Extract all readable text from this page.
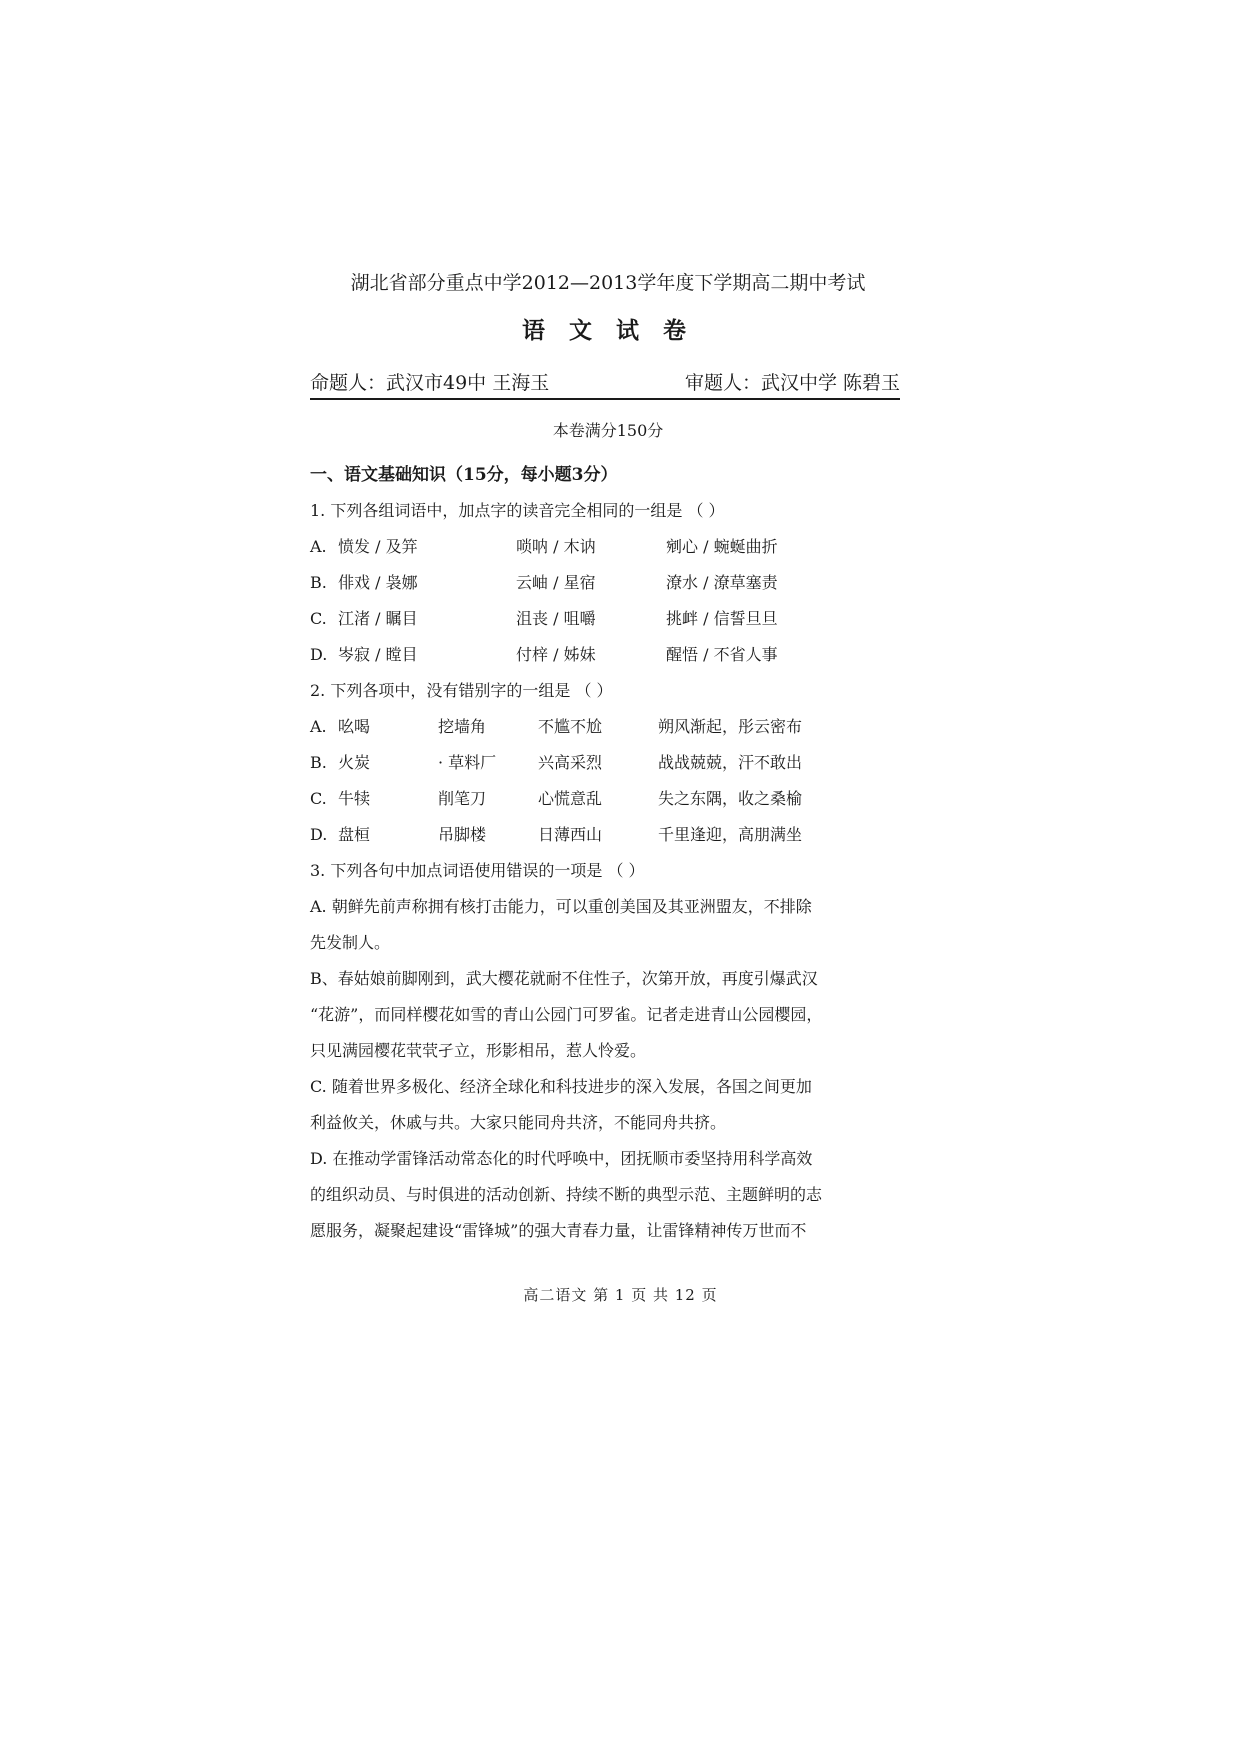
湖北省部分重点中学2012—2013学年度下学期高二期中考试
语 文 试 卷
命题人：武汉市49中 王海玉	审题人：武汉中学 陈碧玉
本卷满分150分
一、语文基础知识（15分，每小题3分）
1. 下列各组词语中，加点字的读音完全相同的一组是 （ ）
A. 愤发 / 及笄	唢呐 / 木讷	剜心 / 蜿蜒曲折
B. 俳戏 / 袅娜	云岫 / 星宿	潦水 / 潦草塞责
C. 江渚 / 瞩目	沮丧 / 咀嚼	挑衅 / 信誓旦旦
D. 岑寂 / 瞠目	付梓 / 姊妹	醒悟 / 不省人事
2. 下列各项中，没有错别字的一组是 （ ）
A. 吆喝	挖墙角	不尴不尬	朔风渐起，彤云密布
B. 火炭	· 草料厂	兴高采烈	战战兢兢，汗不敢出
C. 牛犊	削笔刀	心慌意乱	失之东隅，收之桑榆
D. 盘桓	吊脚楼	日薄西山	千里逢迎，高朋满坐
3. 下列各句中加点词语使用错误的一项是 （ ）
A. 朝鲜先前声称拥有核打击能力，可以重创美国及其亚洲盟友，不排除
先发制人。
B、春姑娘前脚刚到，武大樱花就耐不住性子，次第开放，再度引爆武汉
“花游”，而同样樱花如雪的青山公园门可罗雀。记者走进青山公园樱园，
只见满园樱花茕茕孑立，形影相吊，惹人怜爱。
C. 随着世界多极化、经济全球化和科技进步的深入发展，各国之间更加
利益攸关，休戚与共。大家只能同舟共济，不能同舟共挤。
D. 在推动学雷锋活动常态化的时代呼唤中，团抚顺市委坚持用科学高效
的组织动员、与时俱进的活动创新、持续不断的典型示范、主题鲜明的志
愿服务，凝聚起建设“雷锋城”的强大青春力量，让雷锋精神传万世而不
高二语文 第 1 页 共 12 页
